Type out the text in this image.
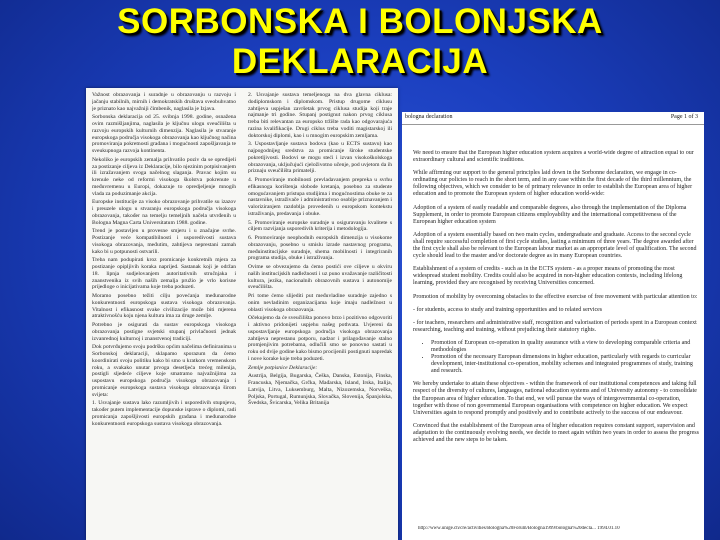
SORBONSKA I BOLONJSKA
DEKLARACIJA

Važnost obrazovanja i suradnje u obrazovanju u razvoju i jačanju stabilnih, mirnih i demokratskih društava sveobuhvatno je priznato kao najvažniji čimbenik, naglasila je Izjava.

Sorbonska deklaracija od 25. svibnja 1998. godine, osnažena ovim razmišljanjima, naglasila je ključnu ulogu sveučilišta u razvoju europskih kulturnih dimenzija. Naglasila je stvaranje europskoga područja visokoga obrazovanja kao ključnog načina promoviranja pokretnosti građana i mogućnosti zapošljavanja te sveukupnoga razvoja kontinenta.

Nekoliko je europskih zemalja prihvatilo poziv da se opredijeli za postizanje ciljeva iz Deklaracije, bilo njezinim potpisivanjem ili izražavanjem svoga načelnog slaganja. Pravac kojim su krenule neke od reformi visokoga školstva pokrenute u međuvremenu u Europi, dokazuje to opredjeljenje mnogih vlada za poduzimanje akcija.

Europske institucije za visoko obrazovanje prihvatile su izazov i preuzele ulogu u stvaranju europskoga područja visokoga obrazovanja, također na temelju temeljnih načela utvrđenih u Bologna Magna Carta Universitatum 1988. godine.

Trend je postavljen u provesne smjeru i u značajne svrhe. Postizanje veće kompatibilnosti i usporedivosti sustava visokoga obrazovanja, međutim, zahtijeva neprestani zamah kako bi u potpunosti ostvarili.

Treba nam podupirati kroz promicanje konkretnih mjera za postizanje opipljivih koraka naprijed. Sastanak koji je održan 18. lipnja sudjelovanjem autoritativnih stručnjaka i znanstvenika iz svih naših zemalja pružio je vrlo korisne prijedloge o inicijativama koje treba poduzeti.

Moramo posebno težiti cilju povećanja međunarodne konkurentnosti europskoga sustava visokoga obrazovanja. Vitalnost i efikasnost svake civilizacije može biti mjerena atraktivnošću koju njena kultura ima za druge zemlje.

Potrebno je osigurati da sustav europskoga visokoga obrazovanja postigne svjetski stupanj privlačnosti jednak izvanrednoj kulturnoj i znanstvenoj tradiciji.

Dok potvrđujemo svoju podršku općim načelima definiranima u Sorbonskoj deklaraciji, sklapamo sporazum da ćemo koordinirati svoju politiku kako bi smo u kratkom vremenskom roku, a svakako unutar prvoga desetljeća trećeg milenija, postigli sljedeće ciljeve koje smatramo najvažnijima za uspostavu europskoga područja visokoga obrazovanja i promicanje europskoga sustava visokoga obrazovanja širom svijeta:

1. Usvajanje sustava lako razumljivih i usporedivih stupnjeva, također putem implementacije dopunske isprave o diplomi, radi promicanja zapošljivosti europskih građana i međunarodne konkurentnosti europskoga sustava visokoga obrazovanja.

2. Usvajanje sustava temeljenoga na dva glavna ciklusa: dodiplomskom i diplomskom. Pristup drugome ciklusu zahtijeva uspješan završetak prvog ciklusa studija koji traje najmanje tri godine. Stupanj postignut nakon prvog ciklusa treba biti relevantan za europsko tržište rada kao odgovarajuća razina kvalifikacije. Drugi ciklus treba voditi magistarskoj ili doktorskoj diplomi, kao i u mnogim europskim zemljama.

3. Uspostavljanje sustava bodova (kao u ECTS sustavu) kao najpogodnijeg sredstva za promicanje široke studentske pokretljivosti. Bodovi se mogu steći i izvan visokoškolskoga obrazovanja, uključujući cjeloživotno učenje, pod uvjetom da ih priznaju sveučilišta primatelji.

4. Promoviranje mobilnosti prevladavanjem prepreka u svrhu efikasnoga korištenja slobode kretanja, posebno za studente omogućavanjem pristupa studijima i mogućnostima obuke te za nastavnike, istraživače i administrativno osoblje priznavanjem i valoriziranjem razdoblja provedenih u europskom kontekstu istraživanja, predavanja i obuke.

5. Promoviranje europske suradnje u osiguravanju kvalitete s ciljem razvijanja usporedivih kriterija i metodologija.

6. Promoviranje neophodnih europskih dimenzija u visokome obrazovanju, posebno u smislu izrade nastavnog programa, međuinstitucijske suradnje, shema mobilnosti i integriranih programa studija, obuke i istraživanja.

Ovime se obvezujemo da ćemo postići ove ciljeve u okviru naših institucijskih nadležnosti i uz puno uvažavanje različitosti kultura, jezika, nacionalnih obrazovnih sustava i autonomije sveučilišta.

Pri tome ćemo slijediti put međuvladine suradnje zajedno s onim nevladinim organizacijama koje imaju nadležnost u oblasti visokoga obrazovanja.

Očekujemo da će sveučilišta ponovo brzo i pozitivno odgovoriti i aktivno pridonijeti uspjehu našeg pothvata. Uvjereni da uspostavljanje europskoga područja visokoga obrazovanja zahtijeva neprestanu potporu, nadzor i prilagođavanje stalno promjenjivim potrebama, odlučili smo se ponovno sastati u roku od dvije godine kako bismo procijenili postignuti napredak i nove korake koje treba poduzeti.

Zemlje potpisnice Deklaracije:

Austrija, Belgija, Bugarska, Češka, Danska, Estonija, Finska, Francuska, Njemačka, Grčka, Mađarska, Island, Irska, Italija, Latvija, Litva, Luksemburg, Malta, Nizozemska, Norveška, Poljska, Portugal, Rumunjska, Slovačka, Slovenija, Španjolska, Švedska, Švicarska, Velika Britanija

bologna declaration	Page 1 of 3

We need to ensure that the European higher education system acquires a world-wide degree of attraction equal to our extraordinary cultural and scientific traditions.

While affirming our support to the general principles laid down in the Sorbonne declaration, we engage in co-ordinating our policies to reach in the short term, and in any case within the first decade of the third millennium, the following objectives, which we consider to be of primary relevance in order to establish the European area of higher education and to promote the European system of higher education world-wide:

Adoption of a system of easily readable and comparable degrees, also through the implementation of the Diploma Supplement, in order to promote European citizens employability and the international competitiveness of the European higher education system

Adoption of a system essentially based on two main cycles, undergraduate and graduate. Access to the second cycle shall require successful completion of first cycle studies, lasting a minimum of three years. The degree awarded after the first cycle shall also be relevant to the European labour market as an appropriate level of qualification. The second cycle should lead to the master and/or doctorate degree as in many European countries.

Establishment of a system of credits - such as in the ECTS system - as a proper means of promoting the most widespread student mobility. Credits could also be acquired in non-higher education contexts, including lifelong learning, provided they are recognised by receiving Universities concerned.

Promotion of mobility by overcoming obstacles to the effective exercise of free movement with particular attention to:

- for students, access to study and training opportunities and to related services

- for teachers, researchers and administrative staff, recognition and valorisation of periods spent in a European context researching, teaching and training, without prejudicing their statutory rights.

• Promotion of European co-operation in quality assurance with a view to developing comparable criteria and methodologies
• Promotion of the necessary European dimensions in higher education, particularly with regards to curricular development, inter-institutional co-operation, mobility schemes and integrated programmes of study, training and research.

We hereby undertake to attain these objectives - within the framework of our institutional competences and taking full respect of the diversity of cultures, languages, national education systems and of University autonomy - to consolidate the European area of higher education. To that end, we will pursue the ways of intergovernmental co-operation, together with those of non governmental European organisations with competence on higher education. We expect Universities again to respond promptly and positively and to contribute actively to the success of our endeavour.

Convinced that the establishment of the European area of higher education requires constant support, supervision and adaptation to the continuously evolving needs, we decide to meet again within two years in order to assess the progress achieved and the new steps to be taken.

http://www.unige.ch/cre/activities/Bologna%20Forum/Bologna1999/bologna%20decla... 1994.01.10
